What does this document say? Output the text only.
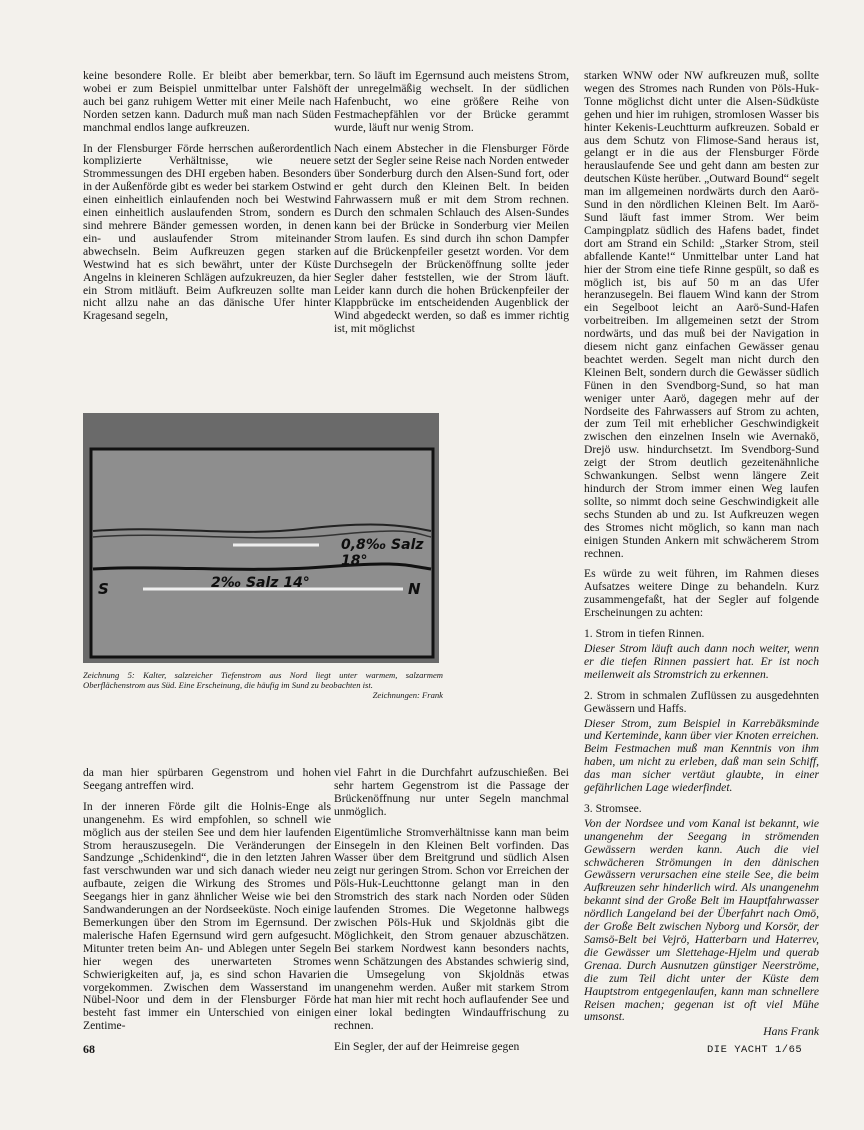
keine besondere Rolle. Er bleibt aber bemerkbar, wobei er zum Beispiel unmittelbar unter Falshöft auch bei ganz ruhigem Wetter mit einer Meile nach Norden setzen kann. Dadurch muß man nach Süden manchmal endlos lange aufkreuzen.

In der Flensburger Förde herrschen außerordentlich komplizierte Verhältnisse, wie neuere Strommessungen des DHI ergeben haben. Besonders in der Außenförde gibt es weder bei starkem Ostwind einen einheitlich einlaufenden noch bei Westwind einen einheitlich auslaufenden Strom, sondern es sind mehrere Bänder gemessen worden, in denen ein- und auslaufender Strom miteinander abwechseln. Beim Aufkreuzen gegen starken Westwind hat es sich bewährt, unter der Küste Angelns in kleineren Schlägen aufzukreuzen, da hier ein Strom mitläuft. Beim Aufkreuzen sollte man nicht allzu nahe an das dänische Ufer hinter Kragesand segeln,

tern. So läuft im Egernsund auch meistens Strom, der unregelmäßig wechselt. In der südlichen Hafenbucht, wo eine größere Reihe von Festmachepfählen vor der Brücke gerammt wurde, läuft nur wenig Strom.

Nach einem Abstecher in die Flensburger Förde setzt der Segler seine Reise nach Norden entweder über Sonderburg durch den Alsen-Sund fort, oder er geht durch den Kleinen Belt. In beiden Fahrwassern muß er mit dem Strom rechnen. Durch den schmalen Schlauch des Alsen-Sundes kann bei der Brücke in Sonderburg vier Meilen Strom laufen. Es sind durch ihn schon Dampfer auf die Brückenpfeiler gesetzt worden. Vor dem Durchsegeln der Brückenöffnung sollte jeder Segler daher feststellen, wie der Strom läuft. Leider kann durch die hohen Brückenpfeiler der Klappbrücke im entscheidenden Augenblick der Wind abgedeckt werden, so daß es immer richtig ist, mit möglichst

starken WNW oder NW aufkreuzen muß, sollte wegen des Stromes nach Runden von Pöls-Huk-Tonne möglichst dicht unter die Alsen-Südküste gehen und hier im ruhigen, stromlosen Wasser bis hinter Kekenis-Leuchtturm aufkreuzen. Sobald er aus dem Schutz von Flimose-Sand heraus ist, gelangt er in die aus der Flensburger Förde herauslaufende See und geht dann am besten zur deutschen Küste herüber. „Outward Bound“ segelt man im allgemeinen nordwärts durch den Aarö-Sund in den nördlichen Kleinen Belt. Im Aarö-Sund läuft fast immer Strom. Wer beim Campingplatz südlich des Hafens badet, findet dort am Strand ein Schild: „Starker Strom, steil abfallende Kante!“ Unmittelbar unter Land hat hier der Strom eine tiefe Rinne gespült, so daß es möglich ist, bis auf 50 m an das Ufer heranzusegeln. Bei flauem Wind kann der Strom ein Segelboot leicht an Aarö-Sund-Hafen vorbeitreiben. Im allgemeinen setzt der Strom nordwärts, und das muß bei der Navigation in diesem nicht ganz einfachen Gewässer genau beachtet werden. Segelt man nicht durch den Kleinen Belt, sondern durch die Gewässer südlich Fünen in den Svendborg-Sund, so hat man weniger unter Aarö, dagegen mehr auf der Nordseite des Fahrwassers auf Strom zu achten, der zum Teil mit erheblicher Geschwindigkeit zwischen den einzelnen Inseln wie Avernakö, Drejö usw. hindurchsetzt. Im Svendborg-Sund zeigt der Strom deutlich gezeitenähnliche Schwankungen. Selbst wenn längere Zeit hindurch der Strom immer einen Weg laufen sollte, so nimmt doch seine Geschwindigkeit alle sechs Stunden ab und zu. Ist Aufkreuzen wegen des Stromes nicht möglich, so kann man nach einigen Stunden Ankern mit schwächerem Strom rechnen.

Es würde zu weit führen, im Rahmen dieses Aufsatzes weitere Dinge zu behandeln. Kurz zusammengefaßt, hat der Segler auf folgende Erscheinungen zu achten:

1. Strom in tiefen Rinnen.

Dieser Strom läuft auch dann noch weiter, wenn er die tiefen Rinnen passiert hat. Er ist noch meilenweit als Stromstrich zu erkennen.

2. Strom in schmalen Zuflüssen zu ausgedehnten Gewässern und Haffs.

Dieser Strom, zum Beispiel in Karrebäksminde und Kerteminde, kann über vier Knoten erreichen. Beim Festmachen muß man Kenntnis von ihm haben, um nicht zu erleben, daß man sein Schiff, das man sicher vertäut glaubte, in einer gefährlichen Lage wiederfindet.

3. Stromsee.

Von der Nordsee und vom Kanal ist bekannt, wie unangenehm der Seegang in strömenden Gewässern werden kann. Auch die viel schwächeren Strömungen in den dänischen Gewässern verursachen eine steile See, die beim Aufkreuzen sehr hinderlich wird. Als unangenehm bekannt sind der Große Belt im Hauptfahrwasser nördlich Langeland bei der Überfahrt nach Omö, der Große Belt zwischen Nyborg und Korsör, der Samsö-Belt bei Vejrö, Hatterbarn und Haterrev, die Gewässer um Slettehage-Hjelm und querab Grenaa. Durch Ausnutzen günstiger Neerströme, die zum Teil dicht unter der Küste dem Hauptstrom entgegenlaufen, kann man schnellere Reisen machen; gegenan ist oft viel Mühe umsonst.

Hans Frank

0,8‰ Salz 18°
2‰ Salz 14°
S	N
Zeichnung 5: Kalter, salzreicher Tiefenstrom aus Nord liegt unter warmem, salzarmem Oberflächenstrom aus Süd. Eine Erscheinung, die häufig im Sund zu beobachten ist.
Zeichnungen: Frank

da man hier spürbaren Gegenstrom und hohen Seegang antreffen wird.

In der inneren Förde gilt die Holnis-Enge als unangenehm. Es wird empfohlen, so schnell wie möglich aus der steilen See und dem hier laufenden Strom herauszusegeln. Die Veränderungen der Sandzunge „Schidenkind“, die in den letzten Jahren fast verschwunden war und sich danach wieder neu aufbaute, zeigen die Wirkung des Stromes und Seegangs hier in ganz ähnlicher Weise wie bei den Sandwanderungen an der Nordseeküste. Noch einige Bemerkungen über den Strom im Egernsund. Der malerische Hafen Egernsund wird gern aufgesucht. Mitunter treten beim An- und Ablegen unter Segeln hier wegen des unerwarteten Stromes Schwierigkeiten auf, ja, es sind schon Havarien vorgekommen. Zwischen dem Wasserstand im Nübel-Noor und dem in der Flensburger Förde besteht fast immer ein Unterschied von einigen Zentime-

viel Fahrt in die Durchfahrt aufzuschießen. Bei sehr hartem Gegenstrom ist die Passage der Brückenöffnung nur unter Segeln manchmal unmöglich.

Eigentümliche Stromverhältnisse kann man beim Einsegeln in den Kleinen Belt vorfinden. Das Wasser über dem Breitgrund und südlich Alsen zeigt nur geringen Strom. Schon vor Erreichen der Pöls-Huk-Leuchttonne gelangt man in den Stromstrich des stark nach Norden oder Süden laufenden Stromes. Die Wegetonne halbwegs zwischen Pöls-Huk und Skjoldnäs gibt die Möglichkeit, den Strom genauer abzuschätzen. Bei starkem Nordwest kann besonders nachts, wenn Schätzungen des Abstandes schwierig sind, die Umsegelung von Skjoldnäs etwas unangenehm werden. Außer mit starkem Strom hat man hier mit recht hoch auflaufender See und einer lokal bedingten Windauffrischung zu rechnen.

Ein Segler, der auf der Heimreise gegen

68	DIE YACHT 1/65
